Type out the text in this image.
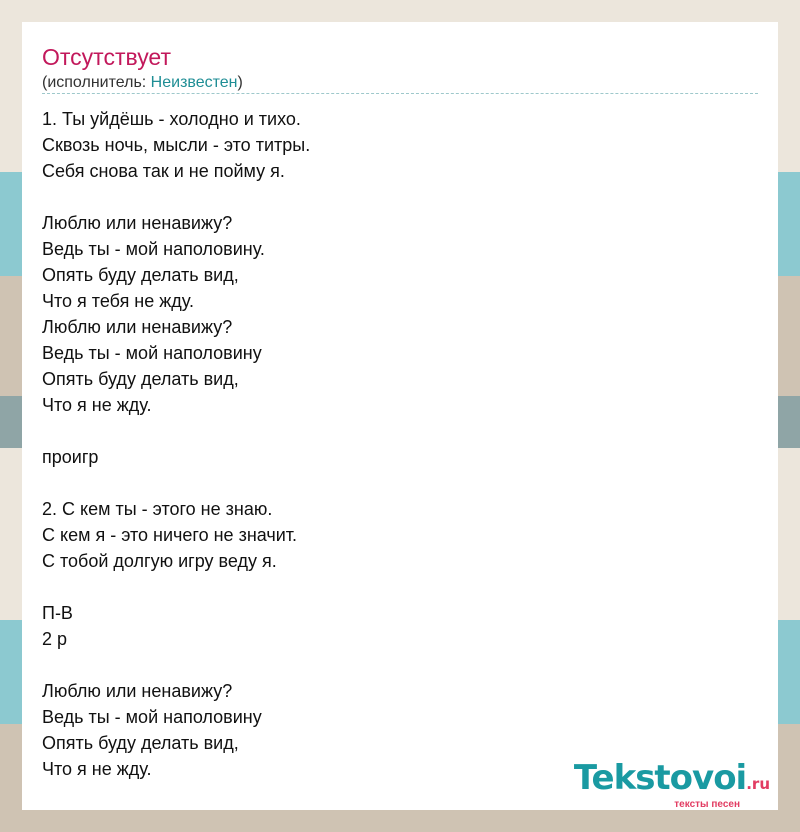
Отсутствует
(исполнитель: Неизвестен)
1. Ты уйдёшь - холодно и тихо.
Сквозь ночь, мысли - это титры.
Себя снова так и не пойму я.
Люблю или ненавижу?
Ведь ты - мой наполовину.
Опять буду делать вид,
Что я тебя не жду.
Люблю или ненавижу?
Ведь ты - мой наполовину
Опять буду делать вид,
Что я не жду.
проигр
2. С кем ты - этого не знаю.
С кем я - это ничего не значит.
С тобой долгую игру веду я.
П-В
2 р
Люблю или ненавижу?
Ведь ты - мой наполовину
Опять буду делать вид,
Что я не жду.	Tekstovoi.ru
тексты песен
